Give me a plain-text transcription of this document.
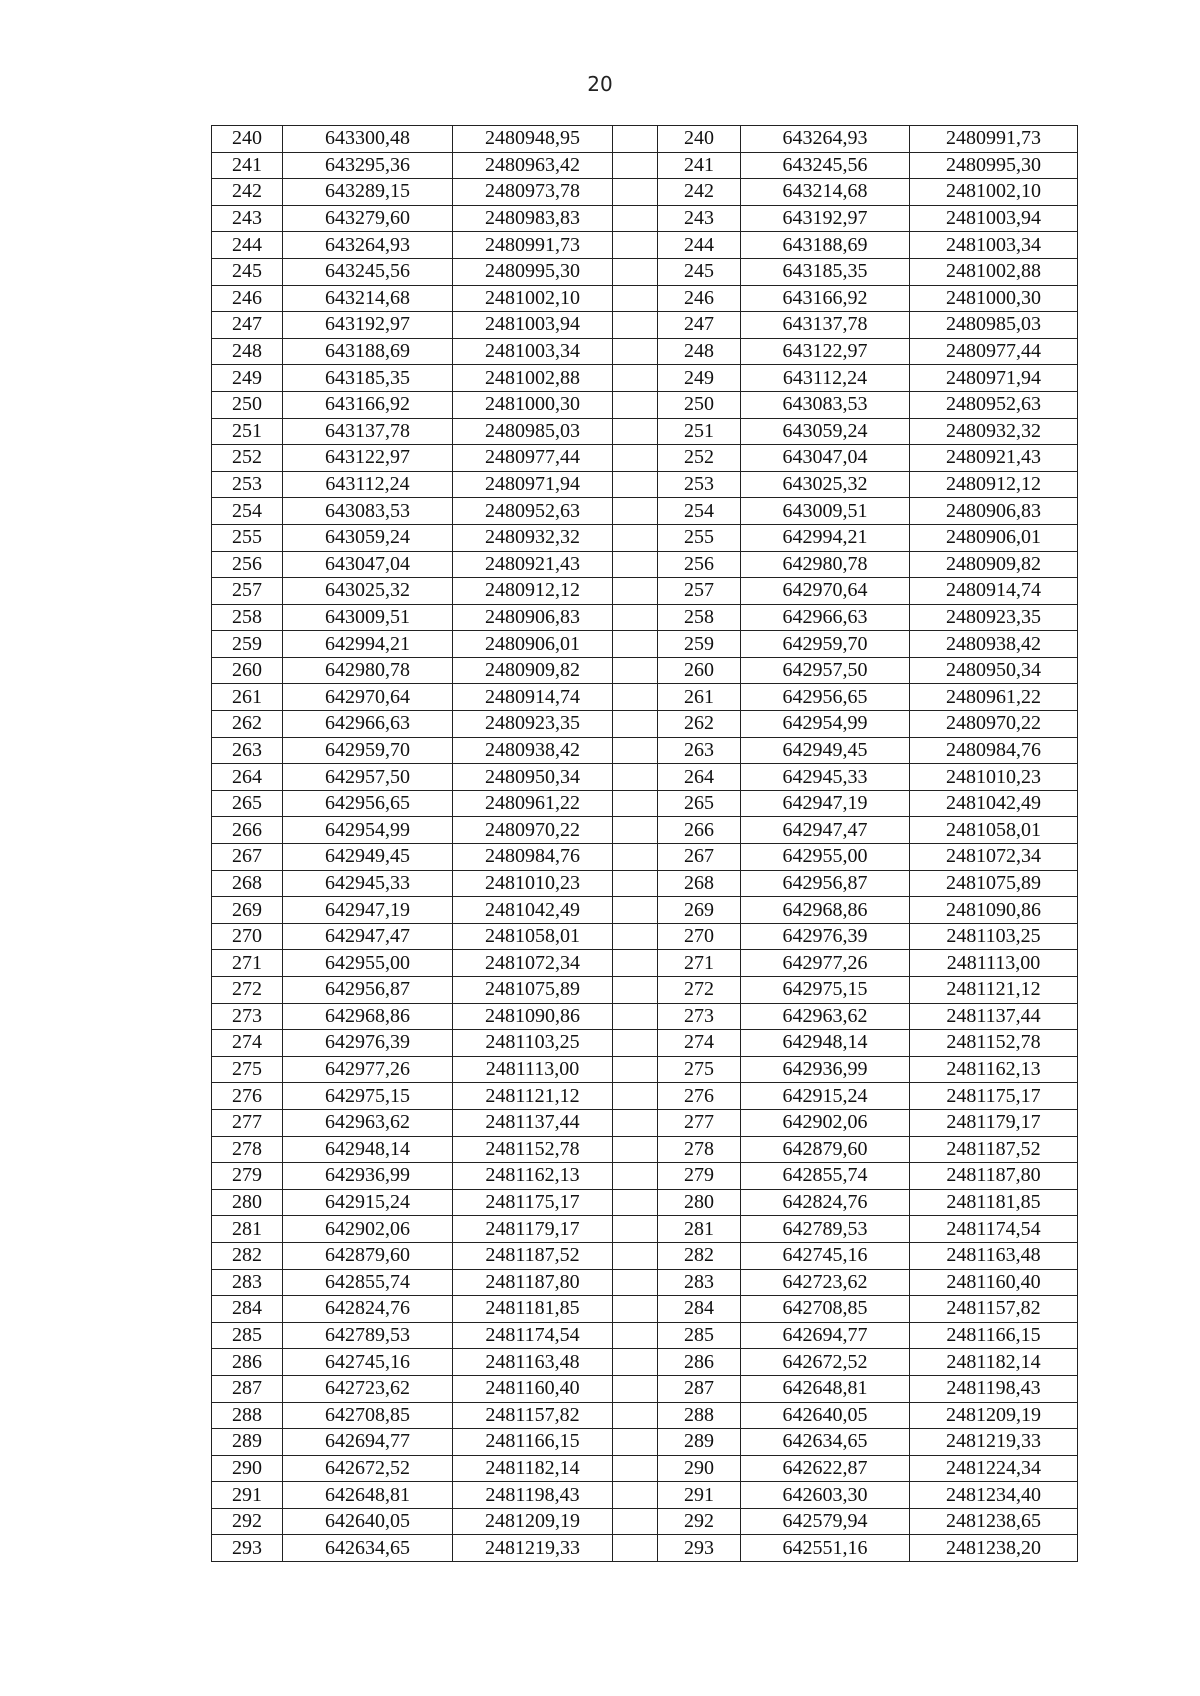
20
240	643300,48	2480948,95		240	643264,93	2480991,73
241	643295,36	2480963,42		241	643245,56	2480995,30
242	643289,15	2480973,78		242	643214,68	2481002,10
243	643279,60	2480983,83		243	643192,97	2481003,94
244	643264,93	2480991,73		244	643188,69	2481003,34
245	643245,56	2480995,30		245	643185,35	2481002,88
246	643214,68	2481002,10		246	643166,92	2481000,30
247	643192,97	2481003,94		247	643137,78	2480985,03
248	643188,69	2481003,34		248	643122,97	2480977,44
249	643185,35	2481002,88		249	643112,24	2480971,94
250	643166,92	2481000,30		250	643083,53	2480952,63
251	643137,78	2480985,03		251	643059,24	2480932,32
252	643122,97	2480977,44		252	643047,04	2480921,43
253	643112,24	2480971,94		253	643025,32	2480912,12
254	643083,53	2480952,63		254	643009,51	2480906,83
255	643059,24	2480932,32		255	642994,21	2480906,01
256	643047,04	2480921,43		256	642980,78	2480909,82
257	643025,32	2480912,12		257	642970,64	2480914,74
258	643009,51	2480906,83		258	642966,63	2480923,35
259	642994,21	2480906,01		259	642959,70	2480938,42
260	642980,78	2480909,82		260	642957,50	2480950,34
261	642970,64	2480914,74		261	642956,65	2480961,22
262	642966,63	2480923,35		262	642954,99	2480970,22
263	642959,70	2480938,42		263	642949,45	2480984,76
264	642957,50	2480950,34		264	642945,33	2481010,23
265	642956,65	2480961,22		265	642947,19	2481042,49
266	642954,99	2480970,22		266	642947,47	2481058,01
267	642949,45	2480984,76		267	642955,00	2481072,34
268	642945,33	2481010,23		268	642956,87	2481075,89
269	642947,19	2481042,49		269	642968,86	2481090,86
270	642947,47	2481058,01		270	642976,39	2481103,25
271	642955,00	2481072,34		271	642977,26	2481113,00
272	642956,87	2481075,89		272	642975,15	2481121,12
273	642968,86	2481090,86		273	642963,62	2481137,44
274	642976,39	2481103,25		274	642948,14	2481152,78
275	642977,26	2481113,00		275	642936,99	2481162,13
276	642975,15	2481121,12		276	642915,24	2481175,17
277	642963,62	2481137,44		277	642902,06	2481179,17
278	642948,14	2481152,78		278	642879,60	2481187,52
279	642936,99	2481162,13		279	642855,74	2481187,80
280	642915,24	2481175,17		280	642824,76	2481181,85
281	642902,06	2481179,17		281	642789,53	2481174,54
282	642879,60	2481187,52		282	642745,16	2481163,48
283	642855,74	2481187,80		283	642723,62	2481160,40
284	642824,76	2481181,85		284	642708,85	2481157,82
285	642789,53	2481174,54		285	642694,77	2481166,15
286	642745,16	2481163,48		286	642672,52	2481182,14
287	642723,62	2481160,40		287	642648,81	2481198,43
288	642708,85	2481157,82		288	642640,05	2481209,19
289	642694,77	2481166,15		289	642634,65	2481219,33
290	642672,52	2481182,14		290	642622,87	2481224,34
291	642648,81	2481198,43		291	642603,30	2481234,40
292	642640,05	2481209,19		292	642579,94	2481238,65
293	642634,65	2481219,33		293	642551,16	2481238,20
